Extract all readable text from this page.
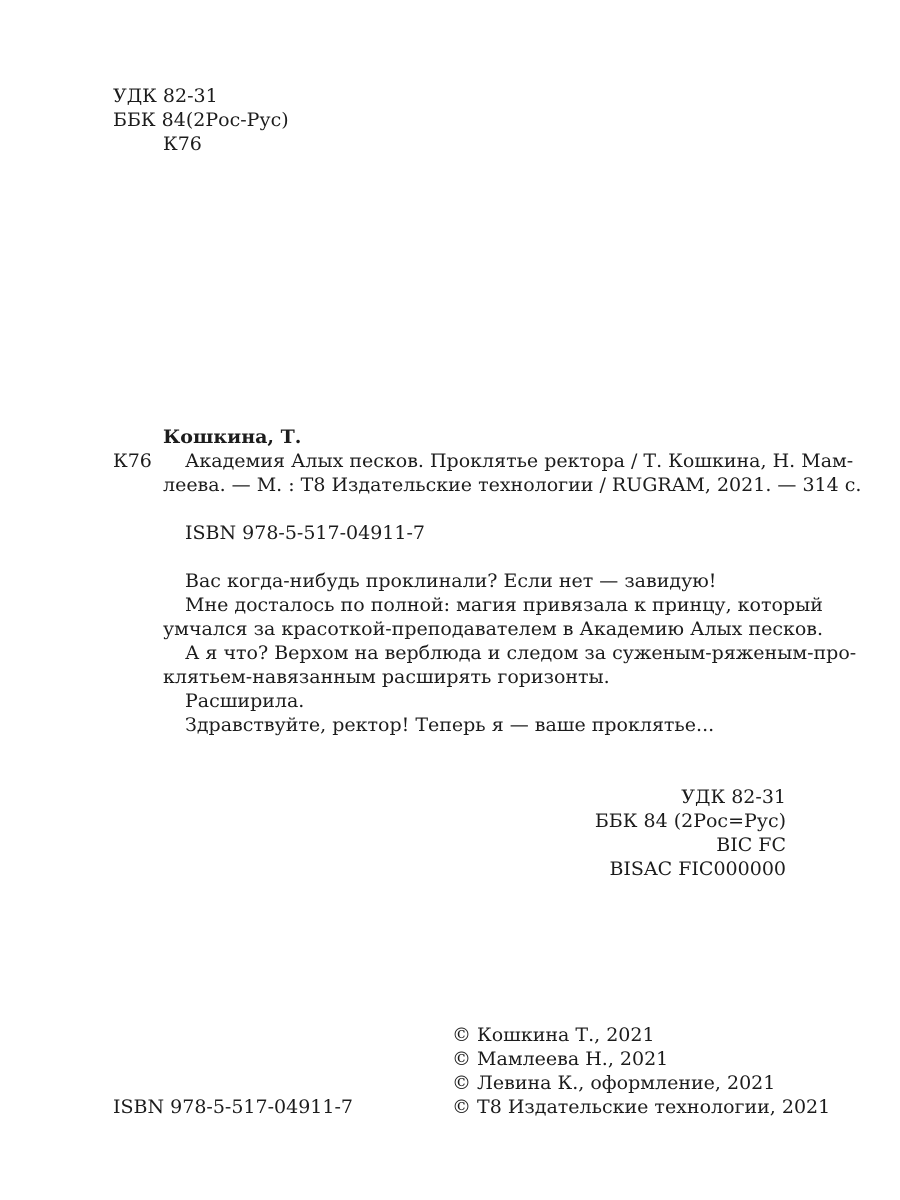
УДК 82-31
ББК 84(2Рос-Рус)
К76
Кошкина, Т.
К76 Академия Алых песков. Проклятье ректора / Т. Кошкина, Н. Мам-
леева. — М. : Т8 Издательские технологии / RUGRAM, 2021. — 314 с.
ISBN 978-5-517-04911-7
Вас когда-нибудь проклинали? Если нет — завидую!
Мне досталось по полной: магия привязала к принцу, который
умчался за красоткой-преподавателем в Академию Алых песков.
А я что? Верхом на верблюда и следом за суженым-ряженым-про-
клятьем-навязанным расширять горизонты.
Расширила.
Здравствуйте, ректор! Теперь я — ваше проклятье...
УДК 82-31
ББК 84 (2Рос=Рус)
BIC FC
BISAC FIC000000
© Кошкина Т., 2021
© Мамлеева Н., 2021
© Левина К., оформление, 2021
© Т8 Издательские технологии, 2021
ISBN 978-5-517-04911-7
